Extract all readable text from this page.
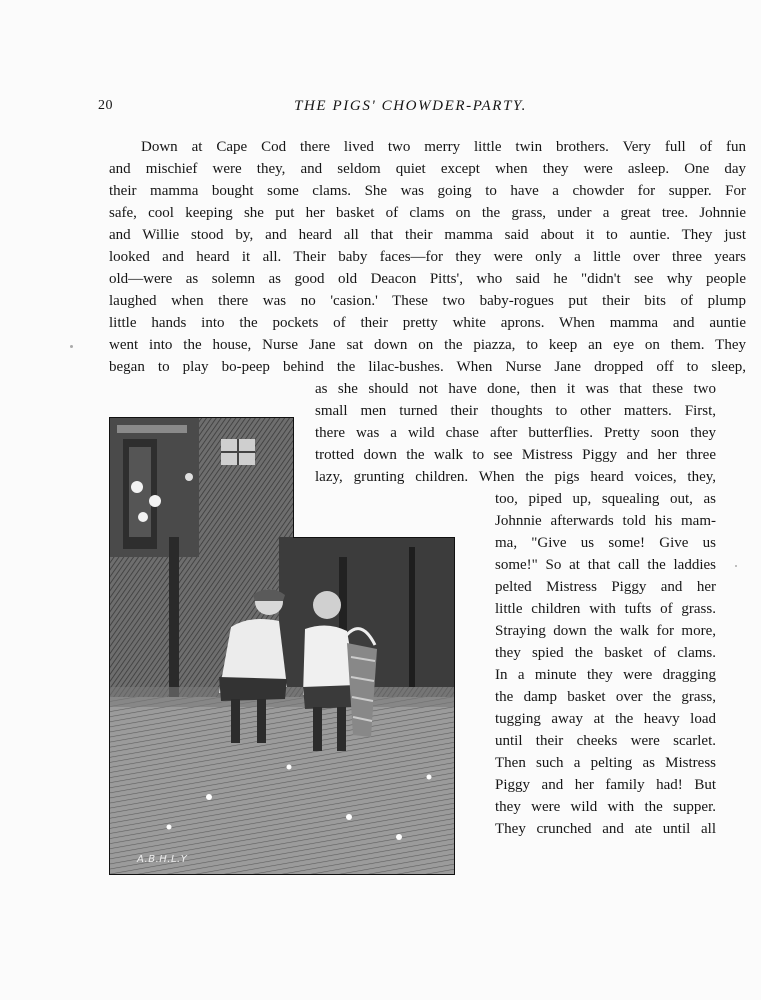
20	THE PIGS' CHOWDER-PARTY.
Down at Cape Cod there lived two merry little twin brothers. Very full of fun
and mischief were they, and seldom quiet except when they were asleep. One day
their mamma bought some clams. She was going to have a chowder for supper. For
safe, cool keeping she put her basket of clams on the grass, under a great tree. Johnnie
and Willie stood by, and heard all that their mamma said about it to auntie. They just
looked and heard it all. Their baby faces—for they were only a little over three years
old—were as solemn as good old Deacon Pitts', who said he "didn't see why people
laughed when there was no 'casion.' These two baby-rogues put their bits of plump
little hands into the pockets of their pretty white aprons. When mamma and auntie
went into the house, Nurse Jane sat down on the piazza, to keep an eye on them. They
began to play bo-peep behind the lilac-bushes. When Nurse Jane dropped off to sleep,
as she should not have done, then it was that these two
small men turned their thoughts to other matters. First,
there was a wild chase after butterflies. Pretty soon they
trotted down the walk to see Mistress Piggy and her three
lazy, grunting children. When the pigs heard voices, they,
too, piped up, squealing out, as
Johnnie afterwards told his mam-
ma, "Give us some! Give us
some!" So at that call the laddies
pelted Mistress Piggy and her
little children with tufts of grass.
Straying down the walk for more,
they spied the basket of clams.
In a minute they were dragging
the damp basket over the grass,
tugging away at the heavy load
until their cheeks were scarlet.
Then such a pelting as Mistress
Piggy and her family had! But
they were wild with the supper.
They crunched and ate until all
A.B.H.L.Y
